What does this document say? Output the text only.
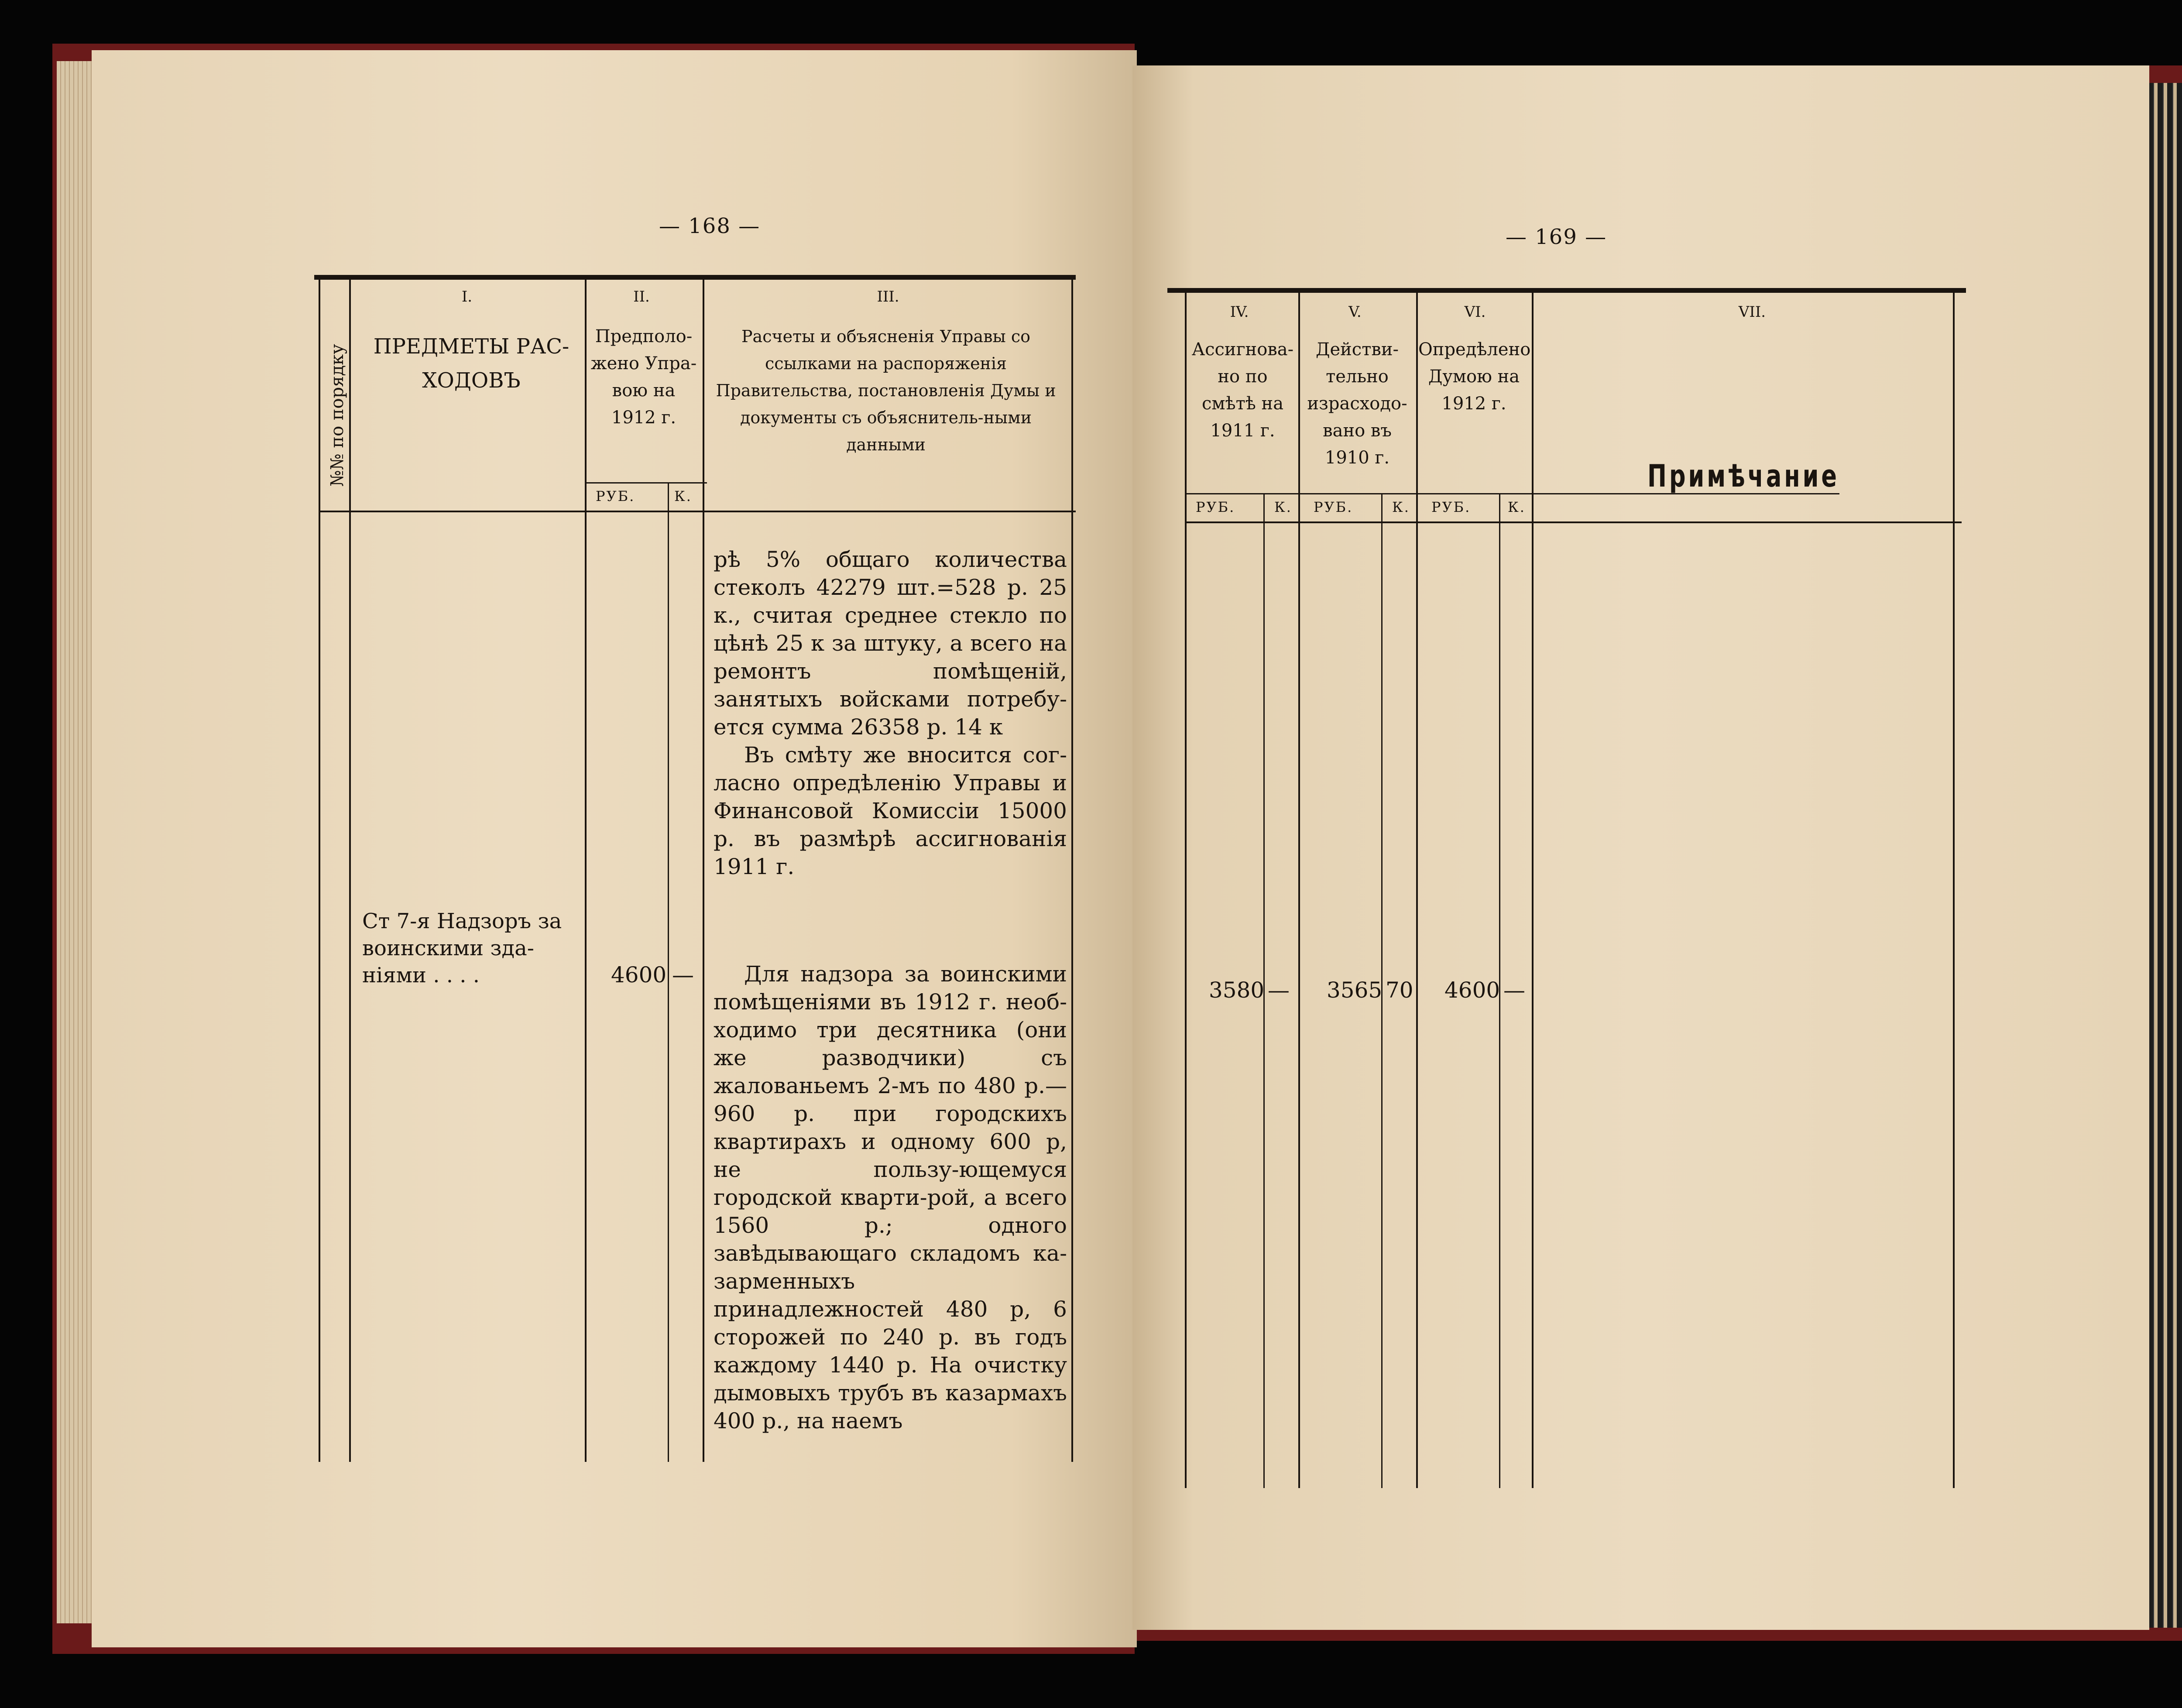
— 168 —
№№ по порядку
I.
ПРЕДМЕТЫ РАС-ХОДОВЪ
II.
Предполо-жено Упра-вою на 1912 г.
РУБ.	К.
III.
Расчеты и объясненія Управы со ссылками на распоряженія Правительства, постановленія Думы и документы съ объяснитель-ными данными

рѣ 5% общаго количества стеколъ 42279 шт.=528 р. 25 к., считая среднее стекло по цѣнѣ 25 к за штуку, а всего на ремонтъ помѣщеній, занятыхъ войсками потребу-ется сумма 26358 р. 14 к

Въ смѣту же вносится сог-ласно опредѣленію Управы и Финансовой Комиссіи 15000 р. въ размѣрѣ ассигнованія 1911 г.

Ст 7-я Надзоръ за воинскими зда-ніями . . . .	4600 —	Для надзора за воинскими помѣщеніями въ 1912 г. необ-ходимо три десятника (они же разводчики) съ жалованьемъ 2-мъ по 480 р.—960 р. при городскихъ квартирахъ и одному 600 р, не пользу-ющемуся городской кварти-рой, а всего 1560 р.; одного завѣдывающаго складомъ ка-зарменныхъ принадлежностей 480 р, 6 сторожей по 240 р. въ годъ каждому 1440 р. На очистку дымовыхъ трубъ въ казармахъ 400 р., на наемъ

— 169 —
IV.
Ассигнова-но по смѣтѣ на 1911 г.
V.
Действи-тельно израсходо-вано въ 1910 г.
VI.
Опредѣлено Думою на 1912 г.
VII.
Примѣчание
РУБ.	К. РУБ.	К. РУБ.	К.
3580 — 3565 70 4600 —
